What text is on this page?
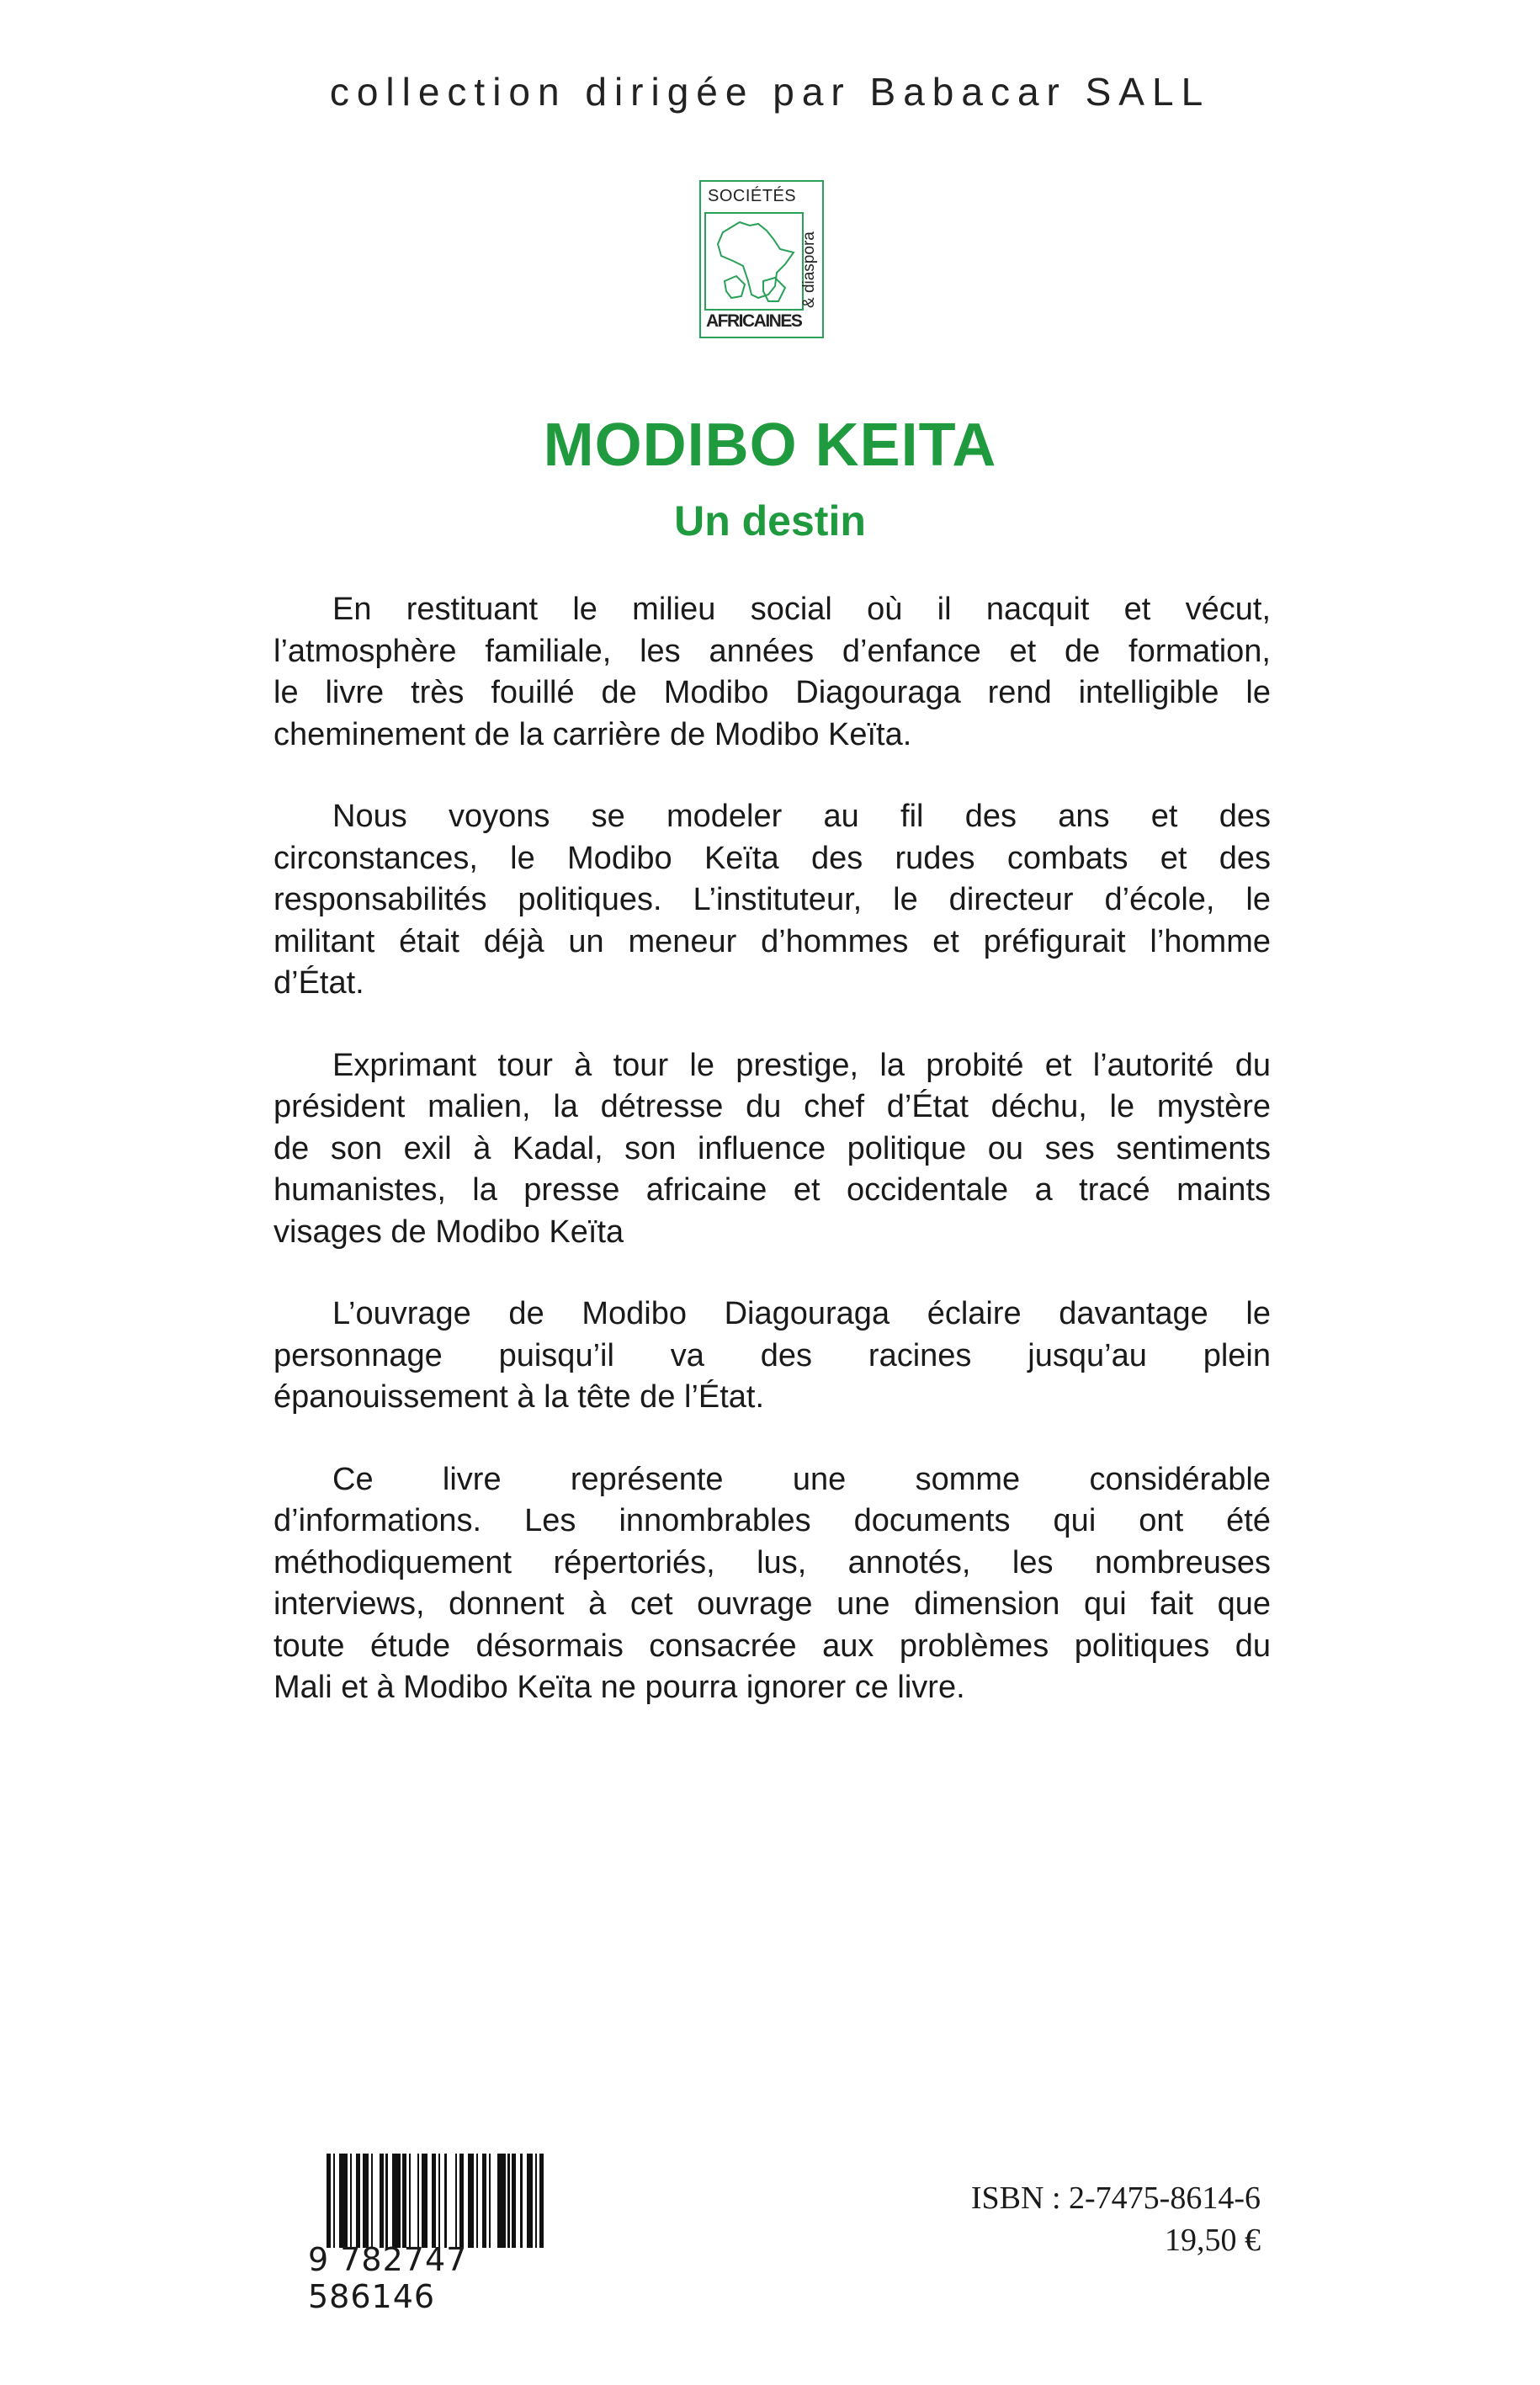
collection dirigée par Babacar SALL
SOCIÉTÉS
AFRICAINES
& diaspora
MODIBO KEITA
Un destin
En restituant le milieu social où il nacquit et vécut,
l’atmosphère familiale, les années d’enfance et de formation,
le livre très fouillé de Modibo Diagouraga rend intelligible le
cheminement de la carrière de Modibo Keïta.
Nous voyons se modeler au fil des ans et des
circonstances, le Modibo Keïta des rudes combats et des
responsabilités politiques. L’instituteur, le directeur d’école, le
militant était déjà un meneur d’hommes et préfigurait l’homme
d’État.
Exprimant tour à tour le prestige, la probité et l’autorité du
président malien, la détresse du chef d’État déchu, le mystère
de son exil à Kadal, son influence politique ou ses sentiments
humanistes, la presse africaine et occidentale a tracé maints
visages de Modibo Keïta
L’ouvrage de Modibo Diagouraga éclaire davantage le
personnage puisqu’il va des racines jusqu’au plein
épanouissement à la tête de l’État.
Ce livre représente une somme considérable
d’informations. Les innombrables documents qui ont été
méthodiquement répertoriés, lus, annotés, les nombreuses
interviews, donnent à cet ouvrage une dimension qui fait que
toute étude désormais consacrée aux problèmes politiques du
Mali et à Modibo Keïta ne pourra ignorer ce livre.
9 782747 586146
ISBN : 2-7475-8614-6
19,50 €
